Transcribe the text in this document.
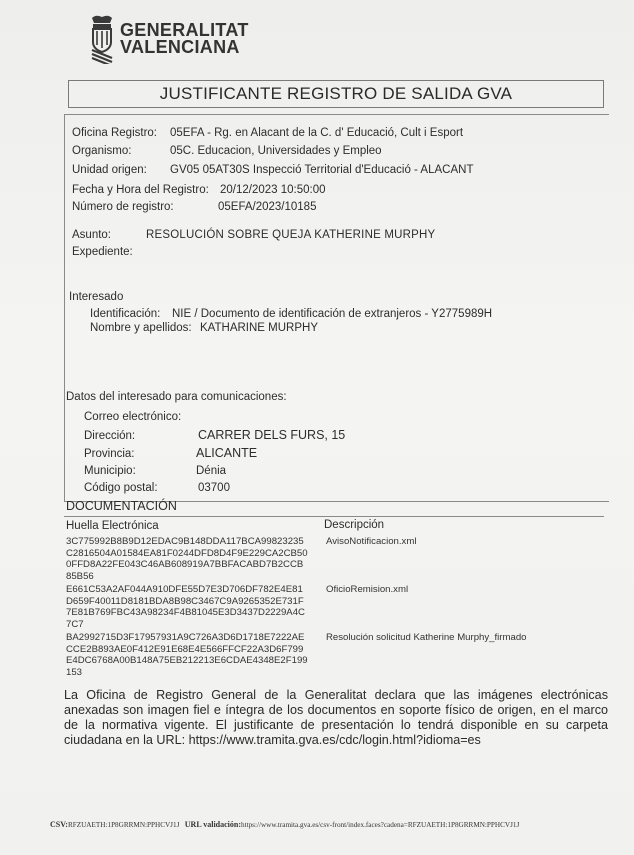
GENERALITAT
VALENCIANA
JUSTIFICANTE REGISTRO DE SALIDA GVA
Oficina Registro: 05EFA - Rg. en Alacant de la C. d' Educació, Cult i Esport
Organismo:	05C. Educacion, Universidades y Empleo
Unidad origen: GV05 05AT30S Inspecció Territorial d'Educació - ALACANT
Fecha y Hora del Registro: 20/12/2023 10:50:00
Número de registro:	05EFA/2023/10185
Asunto:	RESOLUCIÓN SOBRE QUEJA KATHERINE MURPHY
Expediente:
Interesado
Identificación: NIE / Documento de identificación de extranjeros - Y2775989H
Nombre y apellidos: KATHARINE MURPHY
Datos del interesado para comunicaciones:
Correo electrónico:
Dirección:	CARRER DELS FURS, 15
Provincia:	ALICANTE
Municipio:	Dénia
Código postal:	03700
DOCUMENTACIÓN
Huella Electrónica	Descripción
3C775992B8B9D12EDAC9B148DDA117BCA99823235
C2816504A01584EA81F0244DFD8D4F9E229CA2CB50
0FFD8A22FE043C46AB608919A7BBFACABD7B2CCB
85B56
AvisoNotificacion.xml
E661C53A2AF044A910DFE55D7E3D706DF782E4E81
D659F40011D8181BDA8B98C3467C9A9265352E731F
7E81B769FBC43A98234F4B81045E3D3437D2229A4C
7C7
OficioRemision.xml
BA2992715D3F17957931A9C726A3D6D1718E7222AE
CCE2B893AE0F412E91E68E4E566FFCF22A3D6F799
E4DC6768A00B148A75EB212213E6CDAE4348E2F199
153
Resolución solicitud Katherine Murphy_firmado
La Oficina de Registro General de la Generalitat declara que las imágenes electrónicas anexadas son imagen fiel e íntegra de los documentos en soporte físico de origen, en el marco de la normativa vigente. El justificante de presentación lo tendrá disponible en su carpeta ciudadana en la URL: https://www.tramita.gva.es/cdc/login.html?idioma=es
CSV:RFZUAETH:1P8GRRMN:PPHCVJ1J URL validación:https://www.tramita.gva.es/csv-front/index.faces?cadena=RFZUAETH:1P8GRRMN:PPHCVJ1J
